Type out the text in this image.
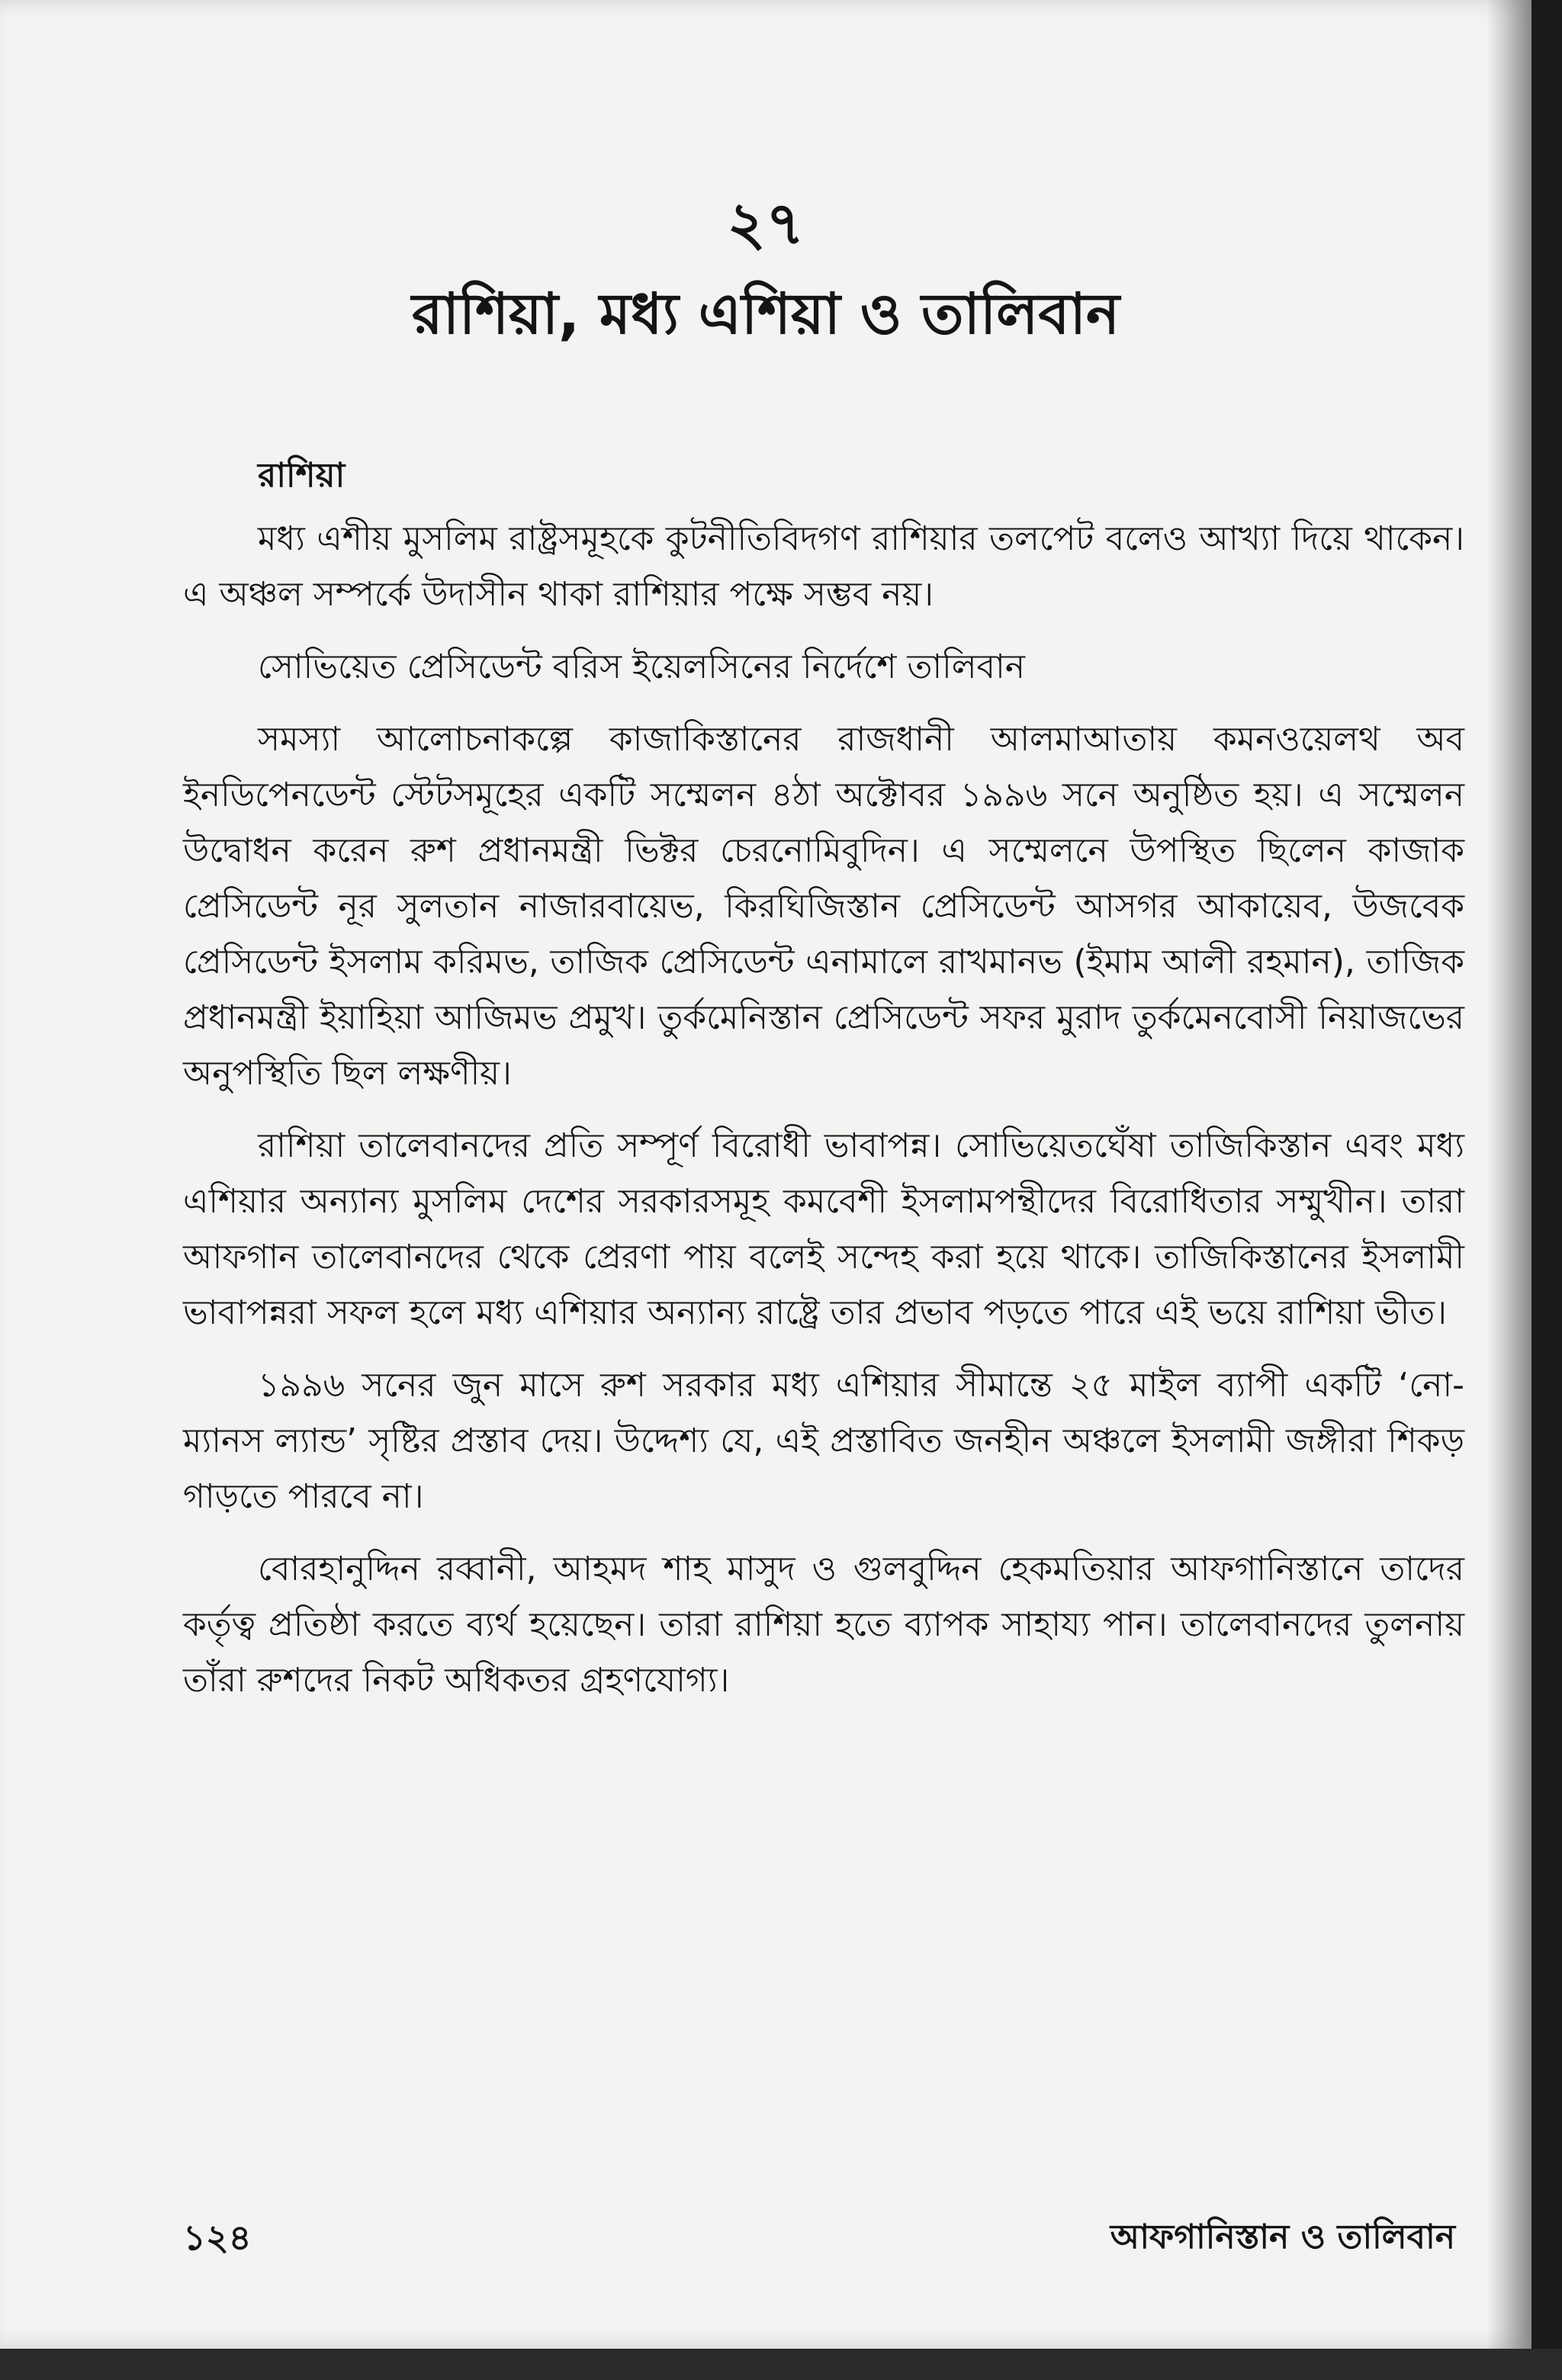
২৭
রাশিয়া, মধ্য এশিয়া ও তালিবান
রাশিয়া

মধ্য এশীয় মুসলিম রাষ্ট্রসমূহকে কুটনীতিবিদগণ রাশিয়ার তলপেট বলেও আখ্যা দিয়ে থাকেন। এ অঞ্চল সম্পর্কে উদাসীন থাকা রাশিয়ার পক্ষে সম্ভব নয়।

সোভিয়েত প্রেসিডেন্ট বরিস ইয়েলসিনের নির্দেশে তালিবান

সমস্যা আলোচনাকল্পে কাজাকিস্তানের রাজধানী আলমাআতায় কমনওয়েলথ অব ইনডিপেনডেন্ট স্টেটসমূহের একটি সম্মেলন ৪ঠা অক্টোবর ১৯৯৬ সনে অনুষ্ঠিত হয়। এ সম্মেলন উদ্বোধন করেন রুশ প্রধানমন্ত্রী ভিক্টর চেরনোমিবুদিন। এ সম্মেলনে উপস্থিত ছিলেন কাজাক প্রেসিডেন্ট নূর সুলতান নাজারবায়েভ, কিরঘিজিস্তান প্রেসিডেন্ট আসগর আকায়েব, উজবেক প্রেসিডেন্ট ইসলাম করিমভ, তাজিক প্রেসিডেন্ট এনামালে রাখমানভ (ইমাম আলী রহমান), তাজিক প্রধানমন্ত্রী ইয়াহিয়া আজিমভ প্রমুখ। তুর্কমেনিস্তান প্রেসিডেন্ট সফর মুরাদ তুর্কমেনবোসী নিয়াজভের অনুপস্থিতি ছিল লক্ষণীয়।

রাশিয়া তালেবানদের প্রতি সম্পূর্ণ বিরোধী ভাবাপন্ন। সোভিয়েতঘেঁষা তাজিকিস্তান এবং মধ্য এশিয়ার অন্যান্য মুসলিম দেশের সরকারসমূহ কমবেশী ইসলামপন্থীদের বিরোধিতার সম্মুখীন। তারা আফগান তালেবানদের থেকে প্রেরণা পায় বলেই সন্দেহ করা হয়ে থাকে। তাজিকিস্তানের ইসলামী ভাবাপন্নরা সফল হলে মধ্য এশিয়ার অন্যান্য রাষ্ট্রে তার প্রভাব পড়তে পারে এই ভয়ে রাশিয়া ভীত।

১৯৯৬ সনের জুন মাসে রুশ সরকার মধ্য এশিয়ার সীমান্তে ২৫ মাইল ব্যাপী একটি ‘নো-ম্যানস ল্যান্ড’ সৃষ্টির প্রস্তাব দেয়। উদ্দেশ্য যে, এই প্রস্তাবিত জনহীন অঞ্চলে ইসলামী জঙ্গীরা শিকড় গাড়তে পারবে না।

বোরহানুদ্দিন রব্বানী, আহমদ শাহ মাসুদ ও গুলবুদ্দিন হেকমতিয়ার আফগানিস্তানে তাদের কর্তৃত্ব প্রতিষ্ঠা করতে ব্যর্থ হয়েছেন। তারা রাশিয়া হতে ব্যাপক সাহায্য পান। তালেবানদের তুলনায় তাঁরা রুশদের নিকট অধিকতর গ্রহণযোগ্য।

১২৪	আফগানিস্তান ও তালিবান
